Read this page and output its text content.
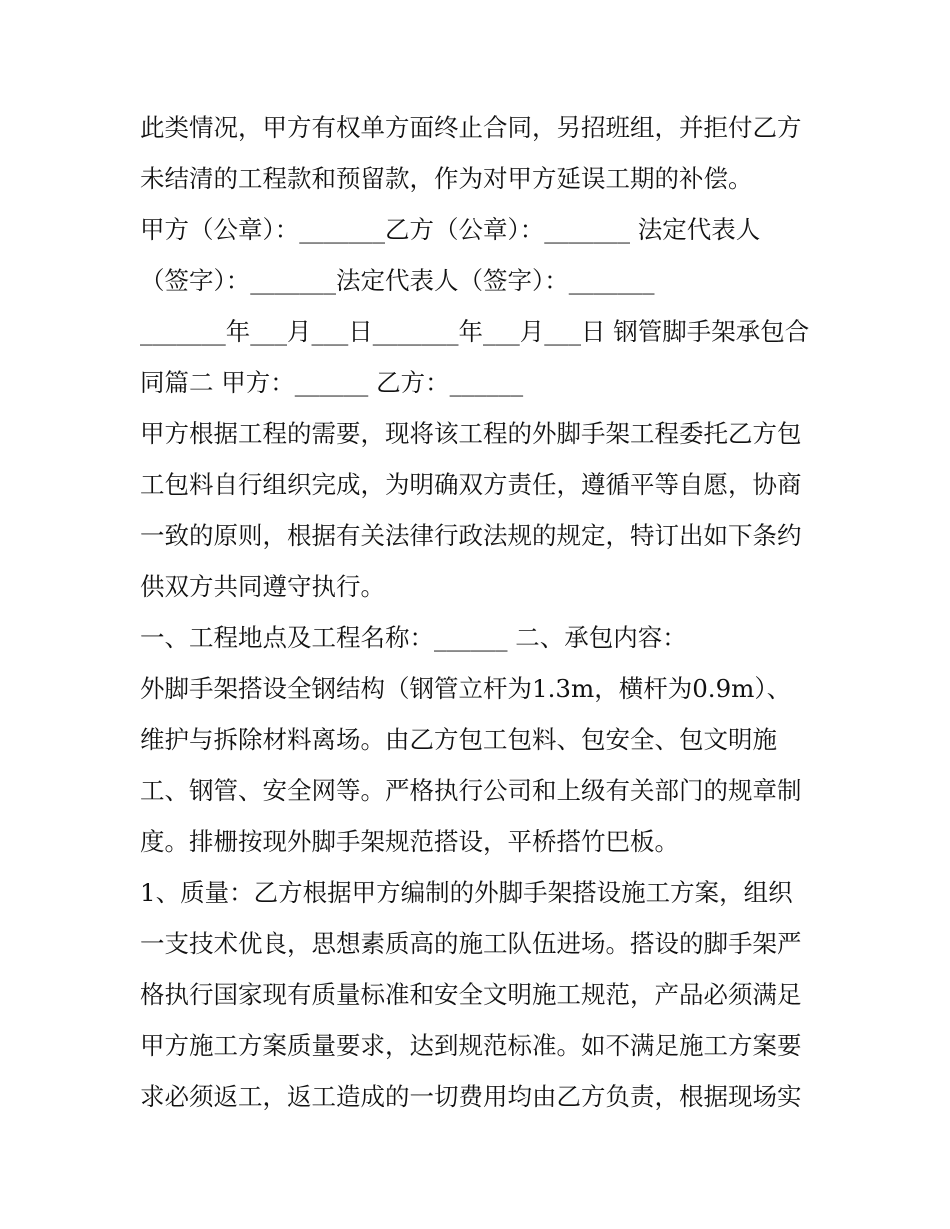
此类情况，甲方有权单方面终止合同，另招班组，并拒付乙方
未结清的工程款和预留款，作为对甲方延误工期的补偿。
甲方（公章）：_______乙方（公章）：_______ 法定代表人
（签字）：_______法定代表人（签字）：_______
_______年___月___日_______年___月___日 钢管脚手架承包合
同篇二 甲方：______ 乙方：______
甲方根据工程的需要，现将该工程的外脚手架工程委托乙方包
工包料自行组织完成，为明确双方责任，遵循平等自愿，协商
一致的原则，根据有关法律行政法规的规定，特订出如下条约
供双方共同遵守执行。
一、工程地点及工程名称：______ 二、承包内容：
外脚手架搭设全钢结构（钢管立杆为1.3m，横杆为0.9m）、
维护与拆除材料离场。由乙方包工包料、包安全、包文明施
工、钢管、安全网等。严格执行公司和上级有关部门的规章制
度。排栅按现外脚手架规范搭设，平桥搭竹巴板。
1、质量：乙方根据甲方编制的外脚手架搭设施工方案，组织
一支技术优良，思想素质高的施工队伍进场。搭设的脚手架严
格执行国家现有质量标准和安全文明施工规范，产品必须满足
甲方施工方案质量要求，达到规范标准。如不满足施工方案要
求必须返工，返工造成的一切费用均由乙方负责，根据现场实
